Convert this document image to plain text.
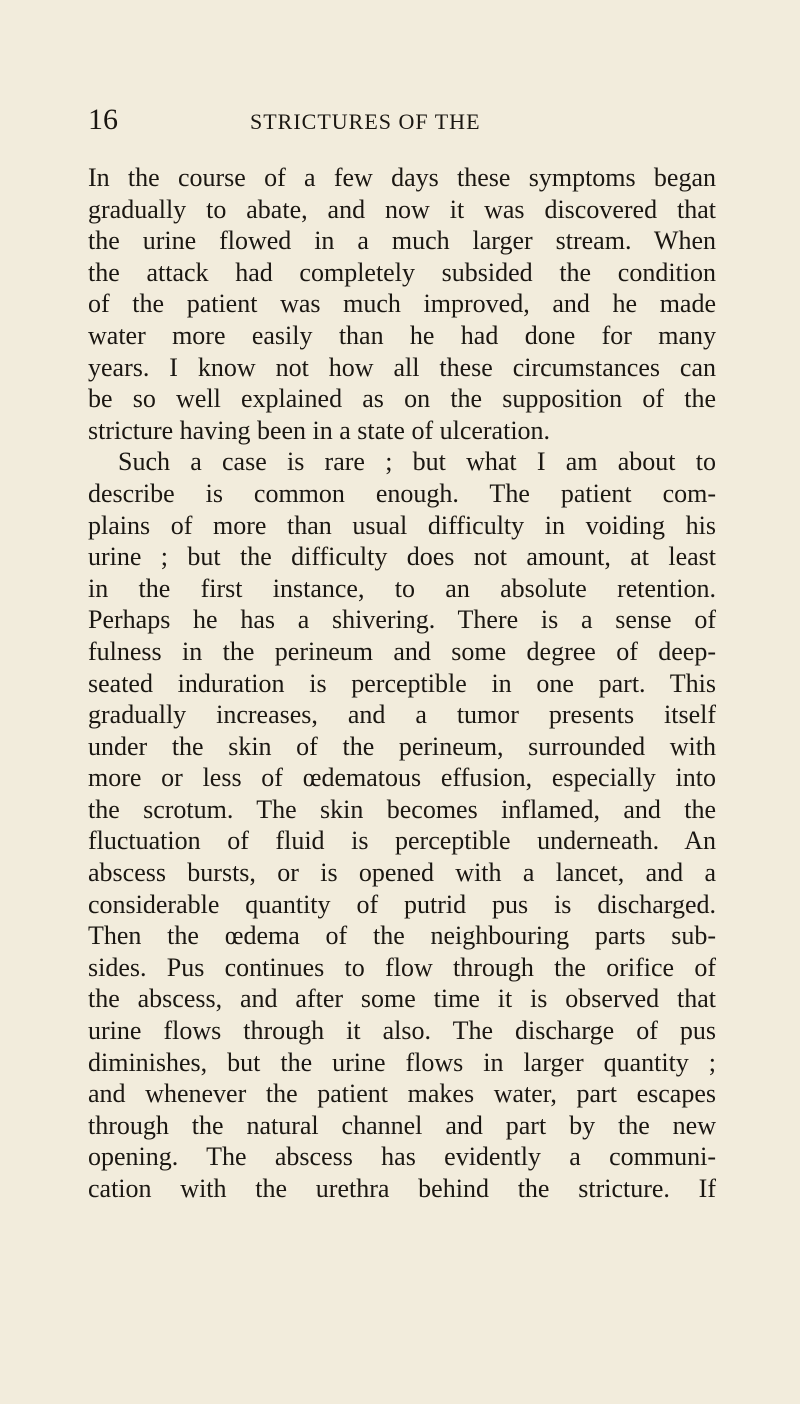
16	STRICTURES OF THE
In the course of a few days these symptoms began
gradually to abate, and now it was discovered that
the urine flowed in a much larger stream. When
the attack had completely subsided the condition
of the patient was much improved, and he made
water more easily than he had done for many
years. I know not how all these circumstances can
be so well explained as on the supposition of the
stricture having been in a state of ulceration.
Such a case is rare ; but what I am about to
describe is common enough. The patient com-
plains of more than usual difficulty in voiding his
urine ; but the difficulty does not amount, at least
in the first instance, to an absolute retention.
Perhaps he has a shivering. There is a sense of
fulness in the perineum and some degree of deep-
seated induration is perceptible in one part. This
gradually increases, and a tumor presents itself
under the skin of the perineum, surrounded with
more or less of œdematous effusion, especially into
the scrotum. The skin becomes inflamed, and the
fluctuation of fluid is perceptible underneath. An
abscess bursts, or is opened with a lancet, and a
considerable quantity of putrid pus is discharged.
Then the œdema of the neighbouring parts sub-
sides. Pus continues to flow through the orifice of
the abscess, and after some time it is observed that
urine flows through it also. The discharge of pus
diminishes, but the urine flows in larger quantity ;
and whenever the patient makes water, part escapes
through the natural channel and part by the new
opening. The abscess has evidently a communi-
cation with the urethra behind the stricture. If
